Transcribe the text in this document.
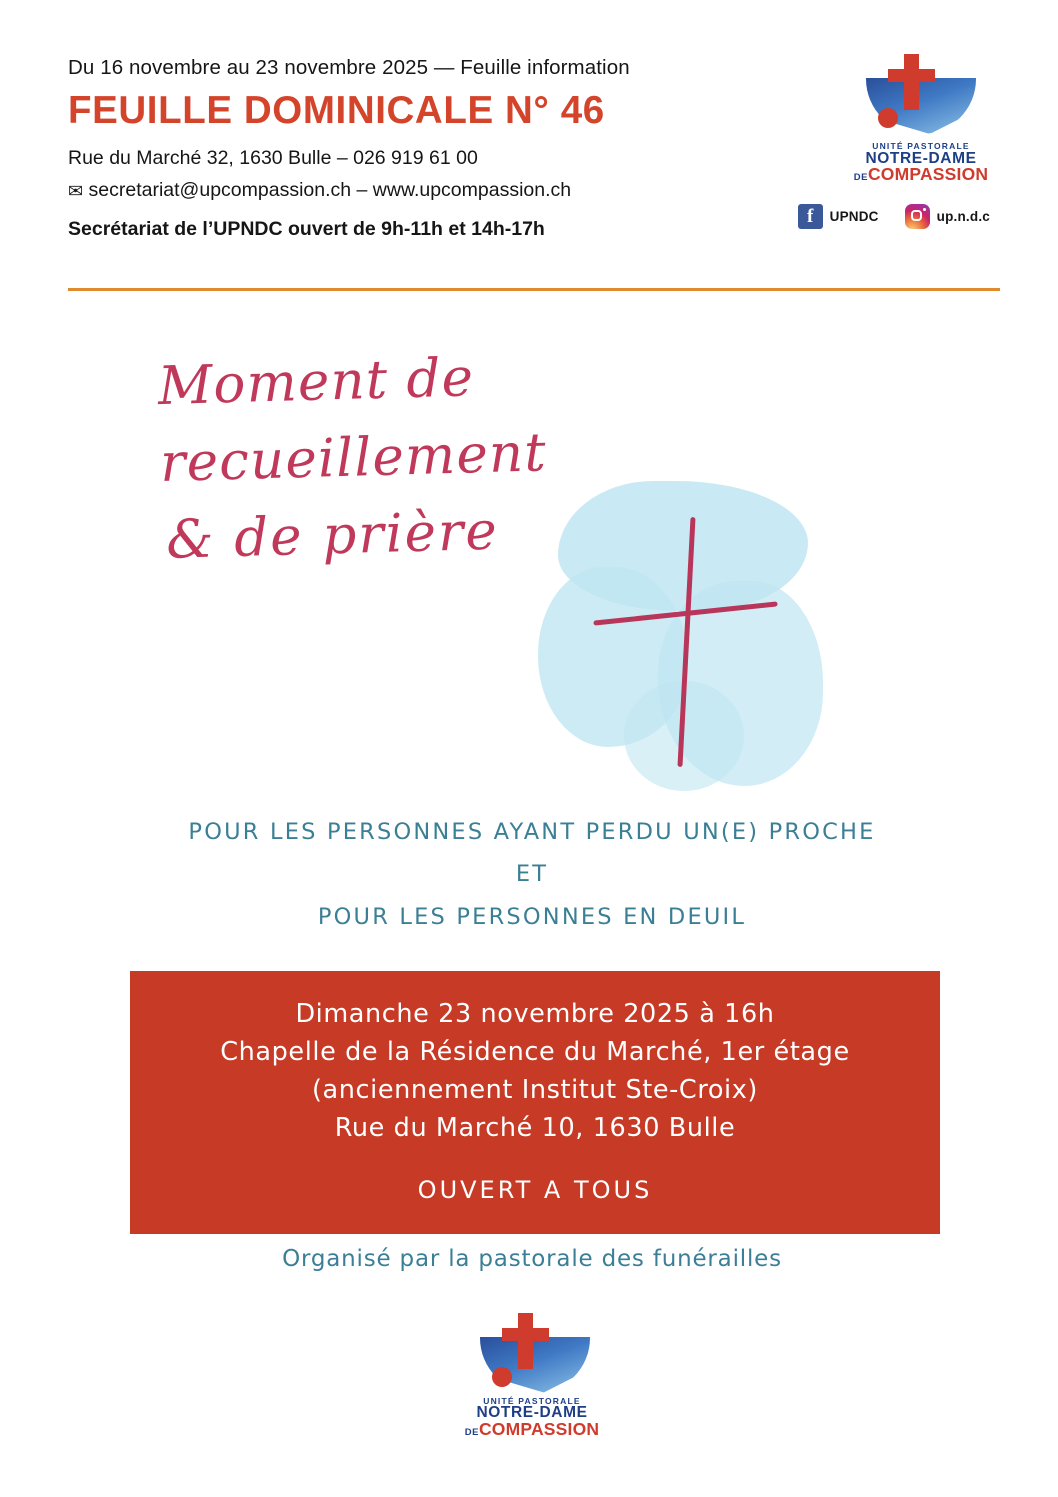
Du 16 novembre au 23 novembre 2025 — Feuille information
FEUILLE DOMINICALE N° 46
Rue du Marché 32, 1630 Bulle – 026 919 61 00
✉ secretariat@upcompassion.ch – www.upcompassion.ch
Secrétariat de l’UPNDC ouvert de 9h-11h et 14h-17h
UNITÉ PASTORALE
NOTRE-DAME
DECOMPASSION
f	UPNDC	up.n.d.c
Moment de recueillement
& de prière
POUR LES PERSONNES AYANT PERDU UN(E) PROCHE
ET
POUR LES PERSONNES EN DEUIL
Dimanche 23 novembre 2025 à 16h
Chapelle de la Résidence du Marché, 1er étage
(anciennement Institut Ste-Croix)
Rue du Marché 10, 1630 Bulle
OUVERT A TOUS
Organisé par la pastorale des funérailles
UNITÉ PASTORALE
NOTRE-DAME
DECOMPASSION
